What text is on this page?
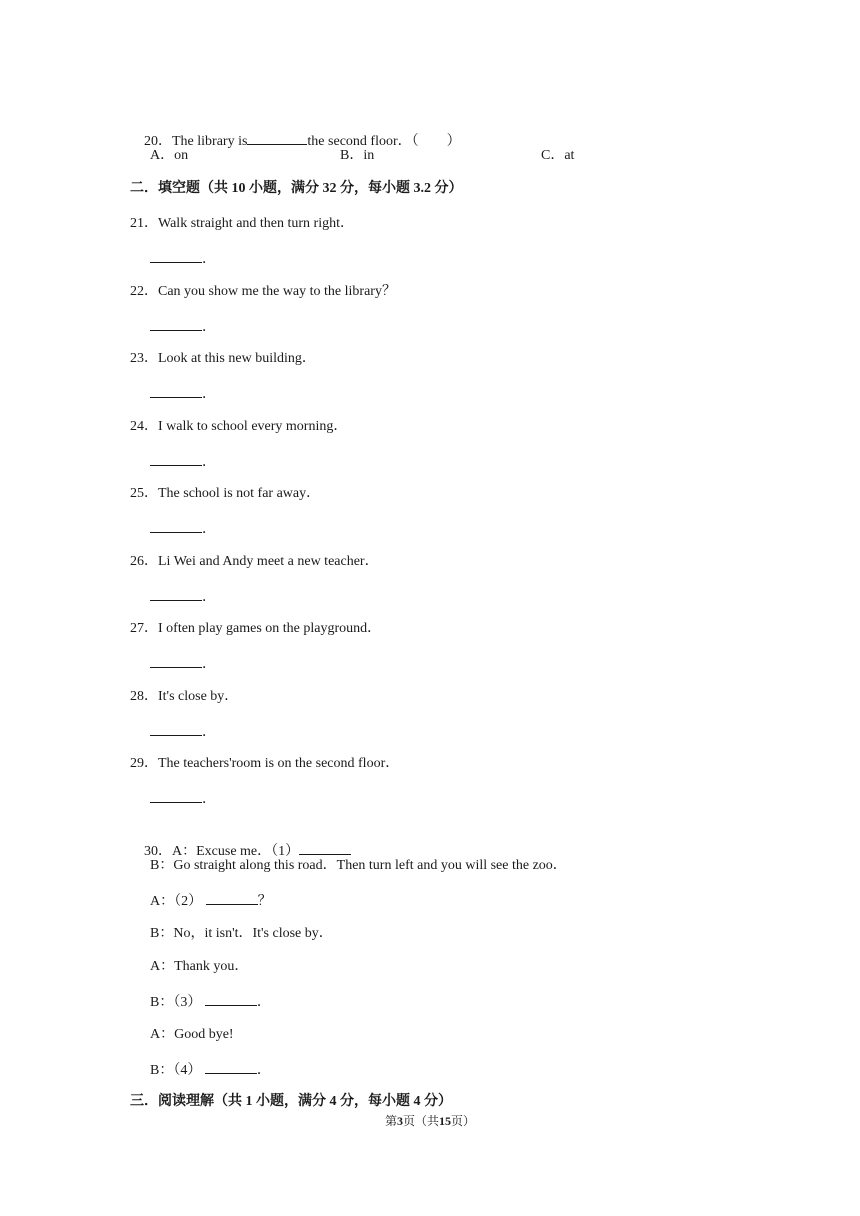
20．The library is	the second floor．（　　）

A．on	B．in	C．at
二．填空题（共 10 小题，满分 32 分，每小题 3.2 分）
21．Walk straight and then turn right．
．
22．Can you show me the way to the library？
．
23．Look at this new building．
．
24．I walk to school every morning．
．
25．The school is not far away．
．
26．Li Wei and Andy meet a new teacher．
．
27．I often play games on the playground．
．
28．It's close by．
．
29．The teachers'room is on the second floor．
．

30．A：Excuse me．（1）

B：Go straight along this road．Then turn left and you will see the zoo．
A：（2）	？
B：No，it isn't．It's close by．
A：Thank you．
B：（3）	．
A：Good bye!
B：（4）	．
三．阅读理解（共 1 小题，满分 4 分，每小题 4 分）
第3页（共15页）
